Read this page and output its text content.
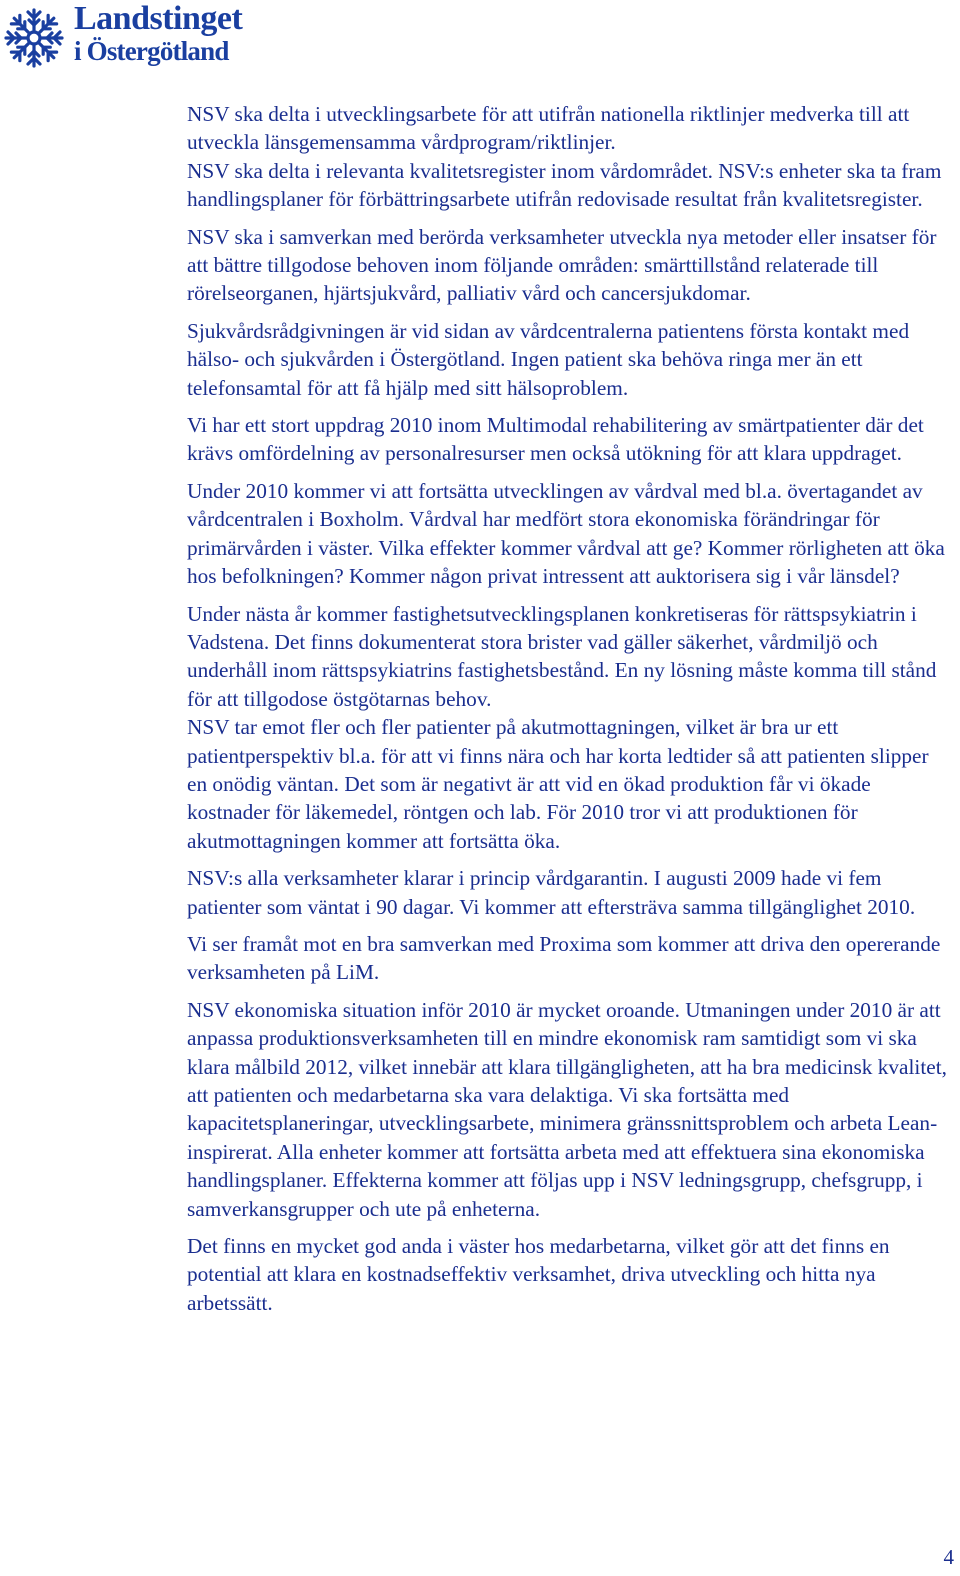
Landstinget
i Östergötland

NSV ska delta i utvecklingsarbete för att utifrån nationella riktlinjer medverka till att utveckla länsgemensamma vårdprogram/riktlinjer.

NSV ska delta i relevanta kvalitetsregister inom vårdområdet. NSV:s enheter ska ta fram handlingsplaner för förbättringsarbete utifrån redovisade resultat från kvalitetsregister.

NSV ska i samverkan med berörda verksamheter utveckla nya metoder eller insatser för att bättre tillgodose behoven inom följande områden: smärttillstånd relaterade till rörelseorganen, hjärtsjukvård, palliativ vård och cancersjukdomar.

Sjukvårdsrådgivningen är vid sidan av vårdcentralerna patientens första kontakt med hälso- och sjukvården i Östergötland. Ingen patient ska behöva ringa mer än ett telefonsamtal för att få hjälp med sitt hälsoproblem.

Vi har ett stort uppdrag 2010 inom Multimodal rehabilitering av smärtpatienter där det krävs omfördelning av personalresurser men också utökning för att klara uppdraget.

Under 2010 kommer vi att fortsätta utvecklingen av vårdval med bl.a. övertagandet av vårdcentralen i Boxholm. Vårdval har medfört stora ekonomiska förändringar för primärvården i väster. Vilka effekter kommer vårdval att ge? Kommer rörligheten att öka hos befolkningen? Kommer någon privat intressent att auktorisera sig i vår länsdel?

Under nästa år kommer fastighetsutvecklingsplanen konkretiseras för rättspsykiatrin i Vadstena. Det finns dokumenterat stora brister vad gäller säkerhet, vårdmiljö och underhåll inom rättspsykiatrins fastighetsbestånd. En ny lösning måste komma till stånd för att tillgodose östgötarnas behov.

NSV tar emot fler och fler patienter på akutmottagningen, vilket är bra ur ett patientperspektiv bl.a. för att vi finns nära och har korta ledtider så att patienten slipper en onödig väntan. Det som är negativt är att vid en ökad produktion får vi ökade kostnader för läkemedel, röntgen och lab. För 2010 tror vi att produktionen för akutmottagningen kommer att fortsätta öka.

NSV:s alla verksamheter klarar i princip vårdgarantin. I augusti 2009 hade vi fem patienter som väntat i 90 dagar. Vi kommer att eftersträva samma tillgänglighet 2010.

Vi ser framåt mot en bra samverkan med Proxima som kommer att driva den opererande verksamheten på LiM.

NSV ekonomiska situation inför 2010 är mycket oroande. Utmaningen under 2010 är att anpassa produktionsverksamheten till en mindre ekonomisk ram samtidigt som vi ska klara målbild 2012, vilket innebär att klara tillgängligheten, att ha bra medicinsk kvalitet, att patienten och medarbetarna ska vara delaktiga. Vi ska fortsätta med kapacitetsplaneringar, utvecklingsarbete, minimera gränssnittsproblem och arbeta Lean-inspirerat. Alla enheter kommer att fortsätta arbeta med att effektuera sina ekonomiska handlingsplaner. Effekterna kommer att följas upp i NSV ledningsgrupp, chefsgrupp, i samverkansgrupper och ute på enheterna.

Det finns en mycket god anda i väster hos medarbetarna, vilket gör att det finns en potential att klara en kostnadseffektiv verksamhet, driva utveckling och hitta nya arbetssätt.

4
